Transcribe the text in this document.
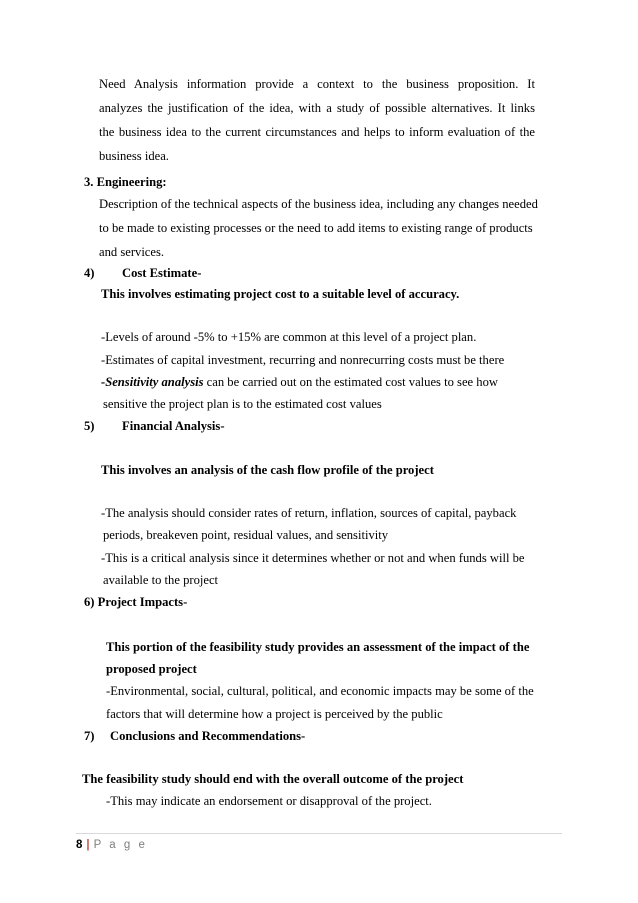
Need Analysis information provide a context to the business proposition. It
analyzes the justification of the idea, with a study of possible alternatives. It links
the business idea to the current circumstances and helps to inform evaluation of the
business idea.
3. Engineering:
Description of the technical aspects of the business idea, including any changes needed
to be made to existing processes or the need to add items to existing range of products
and services.
4) Cost Estimate-
This involves estimating project cost to a suitable level of accuracy.
-Levels of around -5% to +15% are common at this level of a project plan.
-Estimates of capital investment, recurring and nonrecurring costs must be there
-Sensitivity analysis can be carried out on the estimated cost values to see how
sensitive the project plan is to the estimated cost values
5) Financial Analysis-
This involves an analysis of the cash flow profile of the project
-The analysis should consider rates of return, inflation, sources of capital, payback
periods, breakeven point, residual values, and sensitivity
-This is a critical analysis since it determines whether or not and when funds will be
available to the project
6) Project Impacts-
This portion of the feasibility study provides an assessment of the impact of the
proposed project
-Environmental, social, cultural, political, and economic impacts may be some of the
factors that will determine how a project is perceived by the public
7) Conclusions and Recommendations-
The feasibility study should end with the overall outcome of the project
-This may indicate an endorsement or disapproval of the project.
8 | P a g e
